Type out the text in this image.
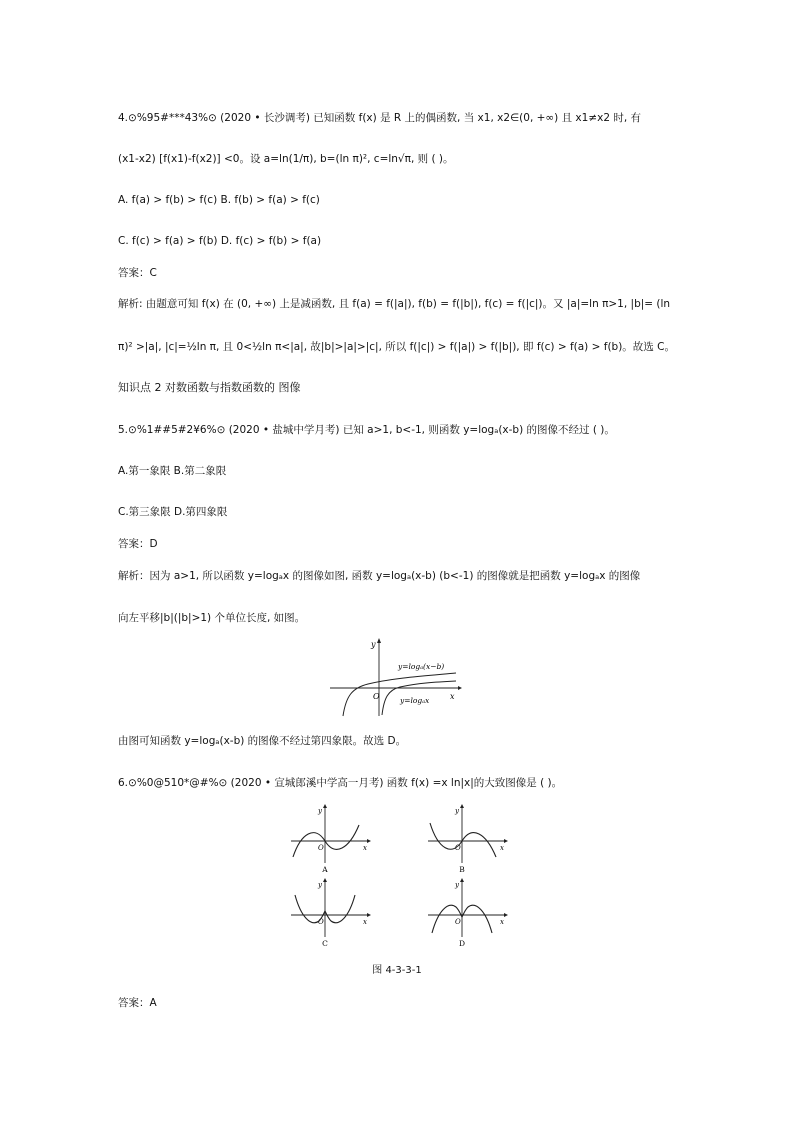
4.⊙%95#***43%⊙ (2020 • 长沙调考) 已知函数 f(x) 是 R 上的偶函数, 当 x1, x2∈(0, +∞) 且 x1≠x2 时, 有
(x1-x2) [f(x1)-f(x2)] <0。设 a=ln(1/π), b=(ln π)², c=ln√π, 则 ( )。
A. f(a) > f(b) > f(c) B. f(b) > f(a) > f(c)
C. f(c) > f(a) > f(b) D. f(c) > f(b) > f(a)
答案：C
解析: 由题意可知 f(x) 在 (0, +∞) 上是减函数, 且 f(a) = f(|a|), f(b) = f(|b|), f(c) = f(|c|)。又 |a|=ln π>1, |b|= (ln
π)² >|a|, |c|=½ln π, 且 0<½ln π<|a|, 故|b|>|a|>|c|, 所以 f(|c|) > f(|a|) > f(|b|), 即 f(c) > f(a) > f(b)。故选 C。
知识点 2 对数函数与指数函数的 图像
5.⊙%1##5#2¥6%⊙ (2020 • 盐城中学月考) 已知 a>1, b<-1, 则函数 y=logₐ(x-b) 的图像不经过 ( )。
A.第一象限 B.第二象限
C.第三象限 D.第四象限
答案：D
解析：因为 a>1, 所以函数 y=logₐx 的图像如图, 函数 y=logₐ(x-b) (b<-1) 的图像就是把函数 y=logₐx 的图像
向左平移|b|(|b|>1) 个单位长度, 如图。
y
x
O
y=logₐ(x−b)
y=logₐx
由图可知函数 y=logₐ(x-b) 的图像不经过第四象限。故选 D。
6.⊙%0@510*@#%⊙ (2020 • 宣城郎溪中学高一月考) 函数 f(x) =x ln|x|的大致图像是 ( )。
y
x
O
A
y
x
O
B
y
x
O
C
y
x
O
D
图 4-3-3-1
答案：A
